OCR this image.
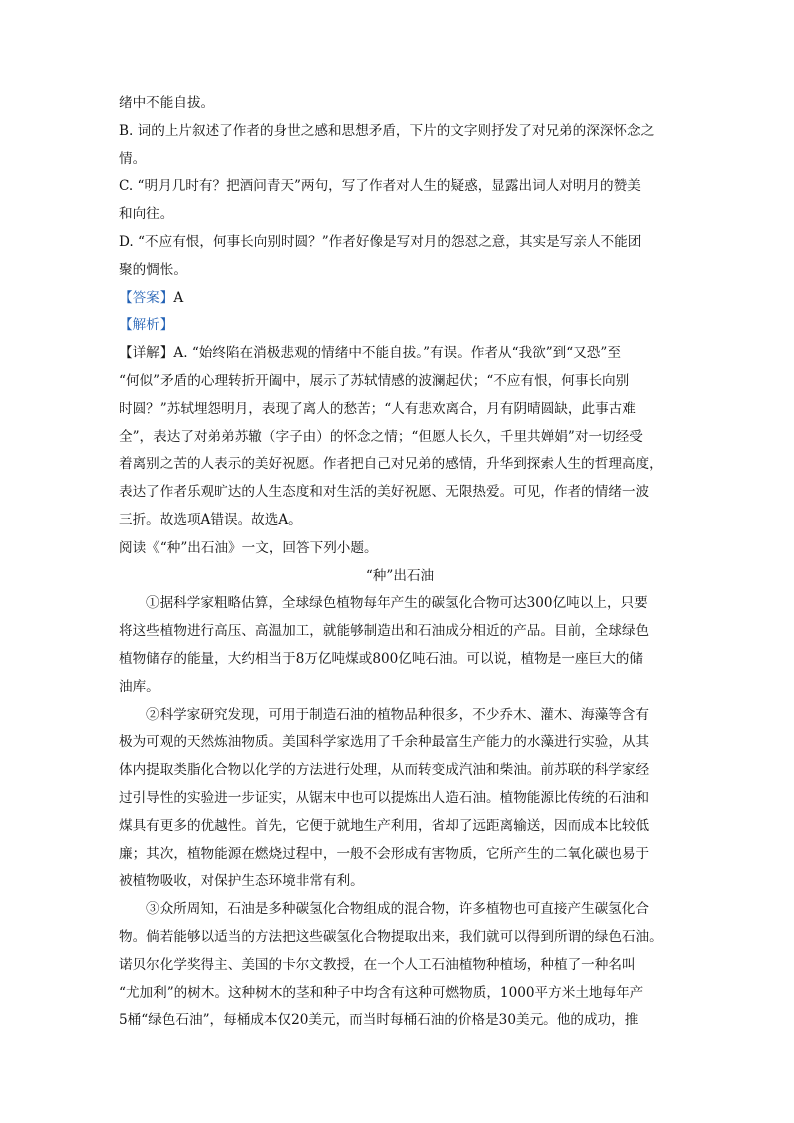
绪中不能自拔。

B. 词的上片叙述了作者的身世之感和思想矛盾，下片的文字则抒发了对兄弟的深深怀念之

情。

C. “明月几时有？把酒问青天”两句，写了作者对人生的疑惑，显露出词人对明月的赞美

和向往。

D. “不应有恨，何事长向别时圆？”作者好像是写对月的怨怼之意，其实是写亲人不能团

聚的惆怅。

【答案】A

【解析】

【详解】A. “始终陷在消极悲观的情绪中不能自拔。”有误。作者从“我欲”到“又恐”至

“何似”矛盾的心理转折开阖中，展示了苏轼情感的波澜起伏；“不应有恨，何事长向别

时圆？”苏轼埋怨明月，表现了离人的愁苦；“人有悲欢离合，月有阴晴圆缺，此事古难

全”，表达了对弟弟苏辙（字子由）的怀念之情；“但愿人长久，千里共婵娟”对一切经受

着离别之苦的人表示的美好祝愿。作者把自己对兄弟的感情，升华到探索人生的哲理高度，

表达了作者乐观旷达的人生态度和对生活的美好祝愿、无限热爱。可见，作者的情绪一波

三折。故选项A错误。故选A。

阅读《“种”出石油》一文，回答下列小题。

“种”出石油

①据科学家粗略估算，全球绿色植物每年产生的碳氢化合物可达300亿吨以上，只要

将这些植物进行高压、高温加工，就能够制造出和石油成分相近的产品。目前，全球绿色

植物储存的能量，大约相当于8万亿吨煤或800亿吨石油。可以说，植物是一座巨大的储

油库。

②科学家研究发现，可用于制造石油的植物品种很多，不少乔木、灌木、海藻等含有

极为可观的天然炼油物质。美国科学家选用了千余种最富生产能力的水藻进行实验，从其

体内提取类脂化合物以化学的方法进行处理，从而转变成汽油和柴油。前苏联的科学家经

过引导性的实验进一步证实，从锯末中也可以提炼出人造石油。植物能源比传统的石油和

煤具有更多的优越性。首先，它便于就地生产利用，省却了远距离输送，因而成本比较低

廉；其次，植物能源在燃烧过程中，一般不会形成有害物质，它所产生的二氧化碳也易于

被植物吸收，对保护生态环境非常有利。

③众所周知，石油是多种碳氢化合物组成的混合物，许多植物也可直接产生碳氢化合

物。倘若能够以适当的方法把这些碳氢化合物提取出来，我们就可以得到所谓的绿色石油。

诺贝尔化学奖得主、美国的卡尔文教授，在一个人工石油植物种植场，种植了一种名叫

“尤加利”的树木。这种树木的茎和种子中均含有这种可燃物质，1000平方米土地每年产

5桶“绿色石油”，每桶成本仅20美元，而当时每桶石油的价格是30美元。他的成功，推
